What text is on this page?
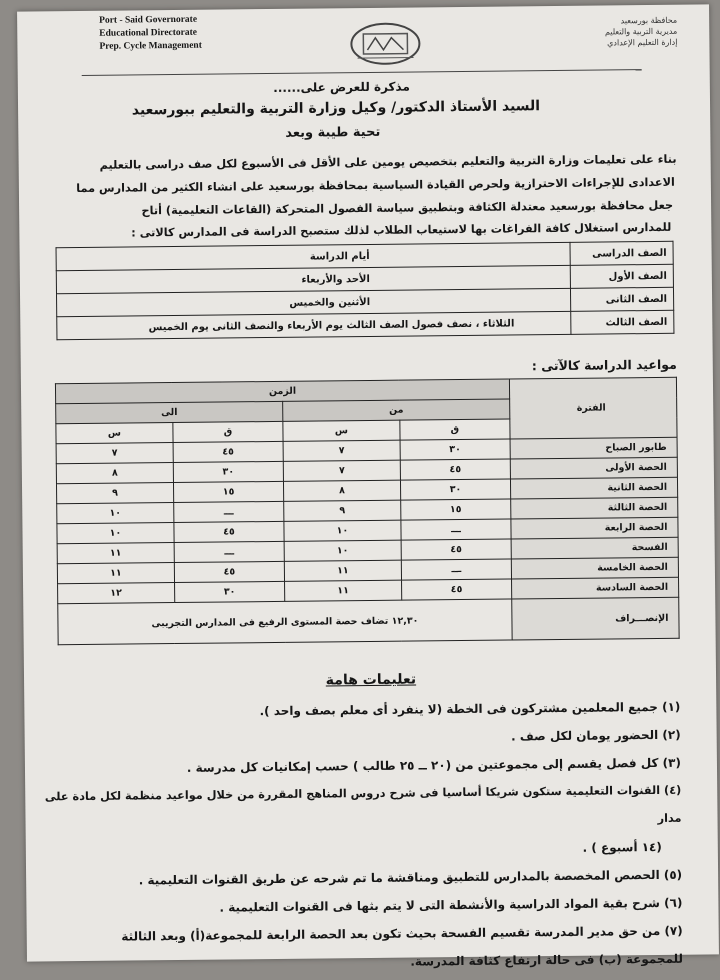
Port - Said Governorate
Educational Directorate
Prep. Cycle Management
محافظة بورسعيد
مديرية التربية والتعليم
إدارة التعليم الإعدادي
مذكرة للعرض على......
السيد الأستاذ الدكتور/ وكيل وزارة التربية والتعليم ببورسعيد
تحية طيبة وبعد
بناء على تعليمات وزارة التربية والتعليم بتخصيص يومين على الأقل فى الأسبوع لكل صف دراسى بالتعليم
الاعدادى للإجراءات الاحترازية ولحرص القيادة السياسية بمحافظة بورسعيد على انشاء الكثير من المدارس مما
جعل محافظة بورسعيد معتدلة الكثافة وبتطبيق سياسة الفصول المتحركة (القاعات التعليمية) أتاح
للمدارس استغلال كافة الفراغات بها لاستيعاب الطلاب لذلك ستصبح الدراسة فى المدارس كالاتى :
الصف الدراسى	أيام الدراسة
الصف الأول	الأحد والأربعاء
الصف الثانى	الأثنين والخميس
الصف الثالث	الثلاثاء ، نصف فصول الصف الثالث يوم الأربعاء والنصف الثانى يوم الخميس
مواعيد الدراسة كالآتى :
الفترة	الزمن			
	من		الى	
	ق	س	ق	س
طابور الصباح	٣٠	٧	٤٥	٧
الحصة الأولى	٤٥	٧	٣٠	٨
الحصة الثانية	٣٠	٨	١٥	٩
الحصة الثالثة	١٥	٩	ـــ	١٠
الحصة الرابعة	ـــ	١٠	٤٥	١٠
الفسحة	٤٥	١٠	ـــ	١١
الحصة الخامسة	ـــ	١١	٤٥	١١
الحصة السادسة	٤٥	١١	٣٠	١٢
الإنصـــراف	١٢,٣٠ تضاف حصة المستوى الرفيع فى المدارس التجريبى			
تعليمات هامة
(١) جميع المعلمين مشتركون فى الخطة (لا ينفرد أى معلم بصف واحد ).
(٢) الحضور يومان لكل صف .
(٣) كل فصل يقسم إلى مجموعتين من (٢٠ ــ ٢٥ طالب ) حسب إمكانيات كل مدرسة .
(٤) القنوات التعليمية ستكون شريكا أساسيا فى شرح دروس المناهج المقررة من خلال مواعيد منظمة لكل مادة على مدار
(١٤ أسبوع ) .
(٥) الحصص المخصصة بالمدارس للتطبيق ومناقشة ما تم شرحه عن طريق القنوات التعليمية .
(٦) شرح بقية المواد الدراسية والأنشطة التى لا يتم بثها فى القنوات التعليمية .
(٧) من حق مدير المدرسة تقسيم الفسحة بحيث تكون بعد الحصة الرابعة للمجموعة(أ) وبعد الثالثة
للمجموعة (ب) فى حالة ارتفاع كثافة المدرسة.
